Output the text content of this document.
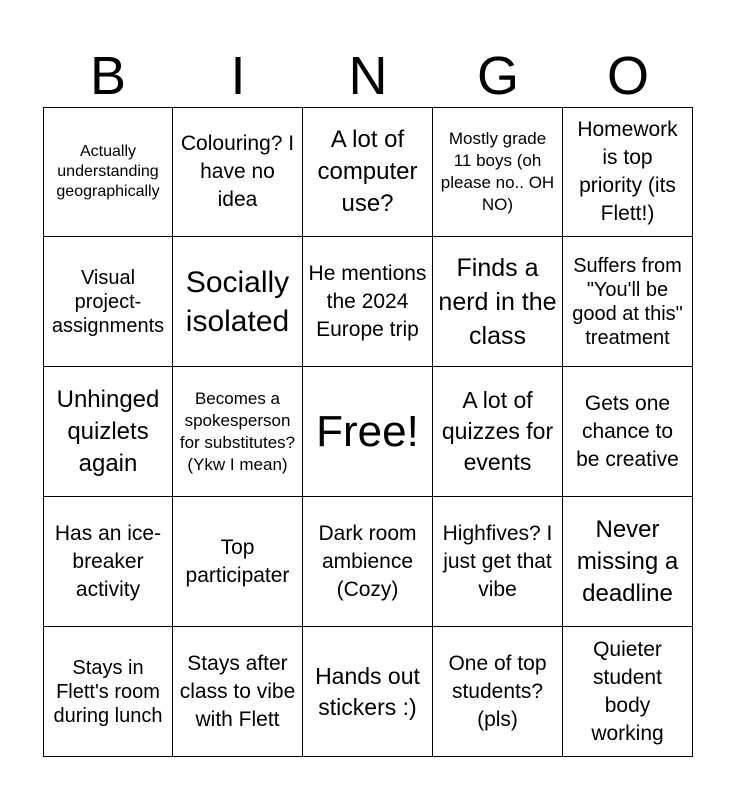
B	I	N	G	O
Actually understanding geographically
Colouring? I have no idea
A lot of computer use?
Mostly grade 11 boys (oh please no.. OH NO)
Homework is top priority (its Flett!)
Visual project-assignments
Socially isolated
He mentions the 2024 Europe trip
Finds a nerd in the class
Suffers from "You'll be good at this" treatment
Unhinged quizlets again
Becomes a spokesperson for substitutes? (Ykw I mean)
Free!
A lot of quizzes for events
Gets one chance to be creative
Has an ice-breaker activity
Top participater
Dark room ambience (Cozy)
Highfives? I just get that vibe
Never missing a deadline
Stays in Flett's room during lunch
Stays after class to vibe with Flett
Hands out stickers :)
One of top students? (pls)
Quieter student body working
